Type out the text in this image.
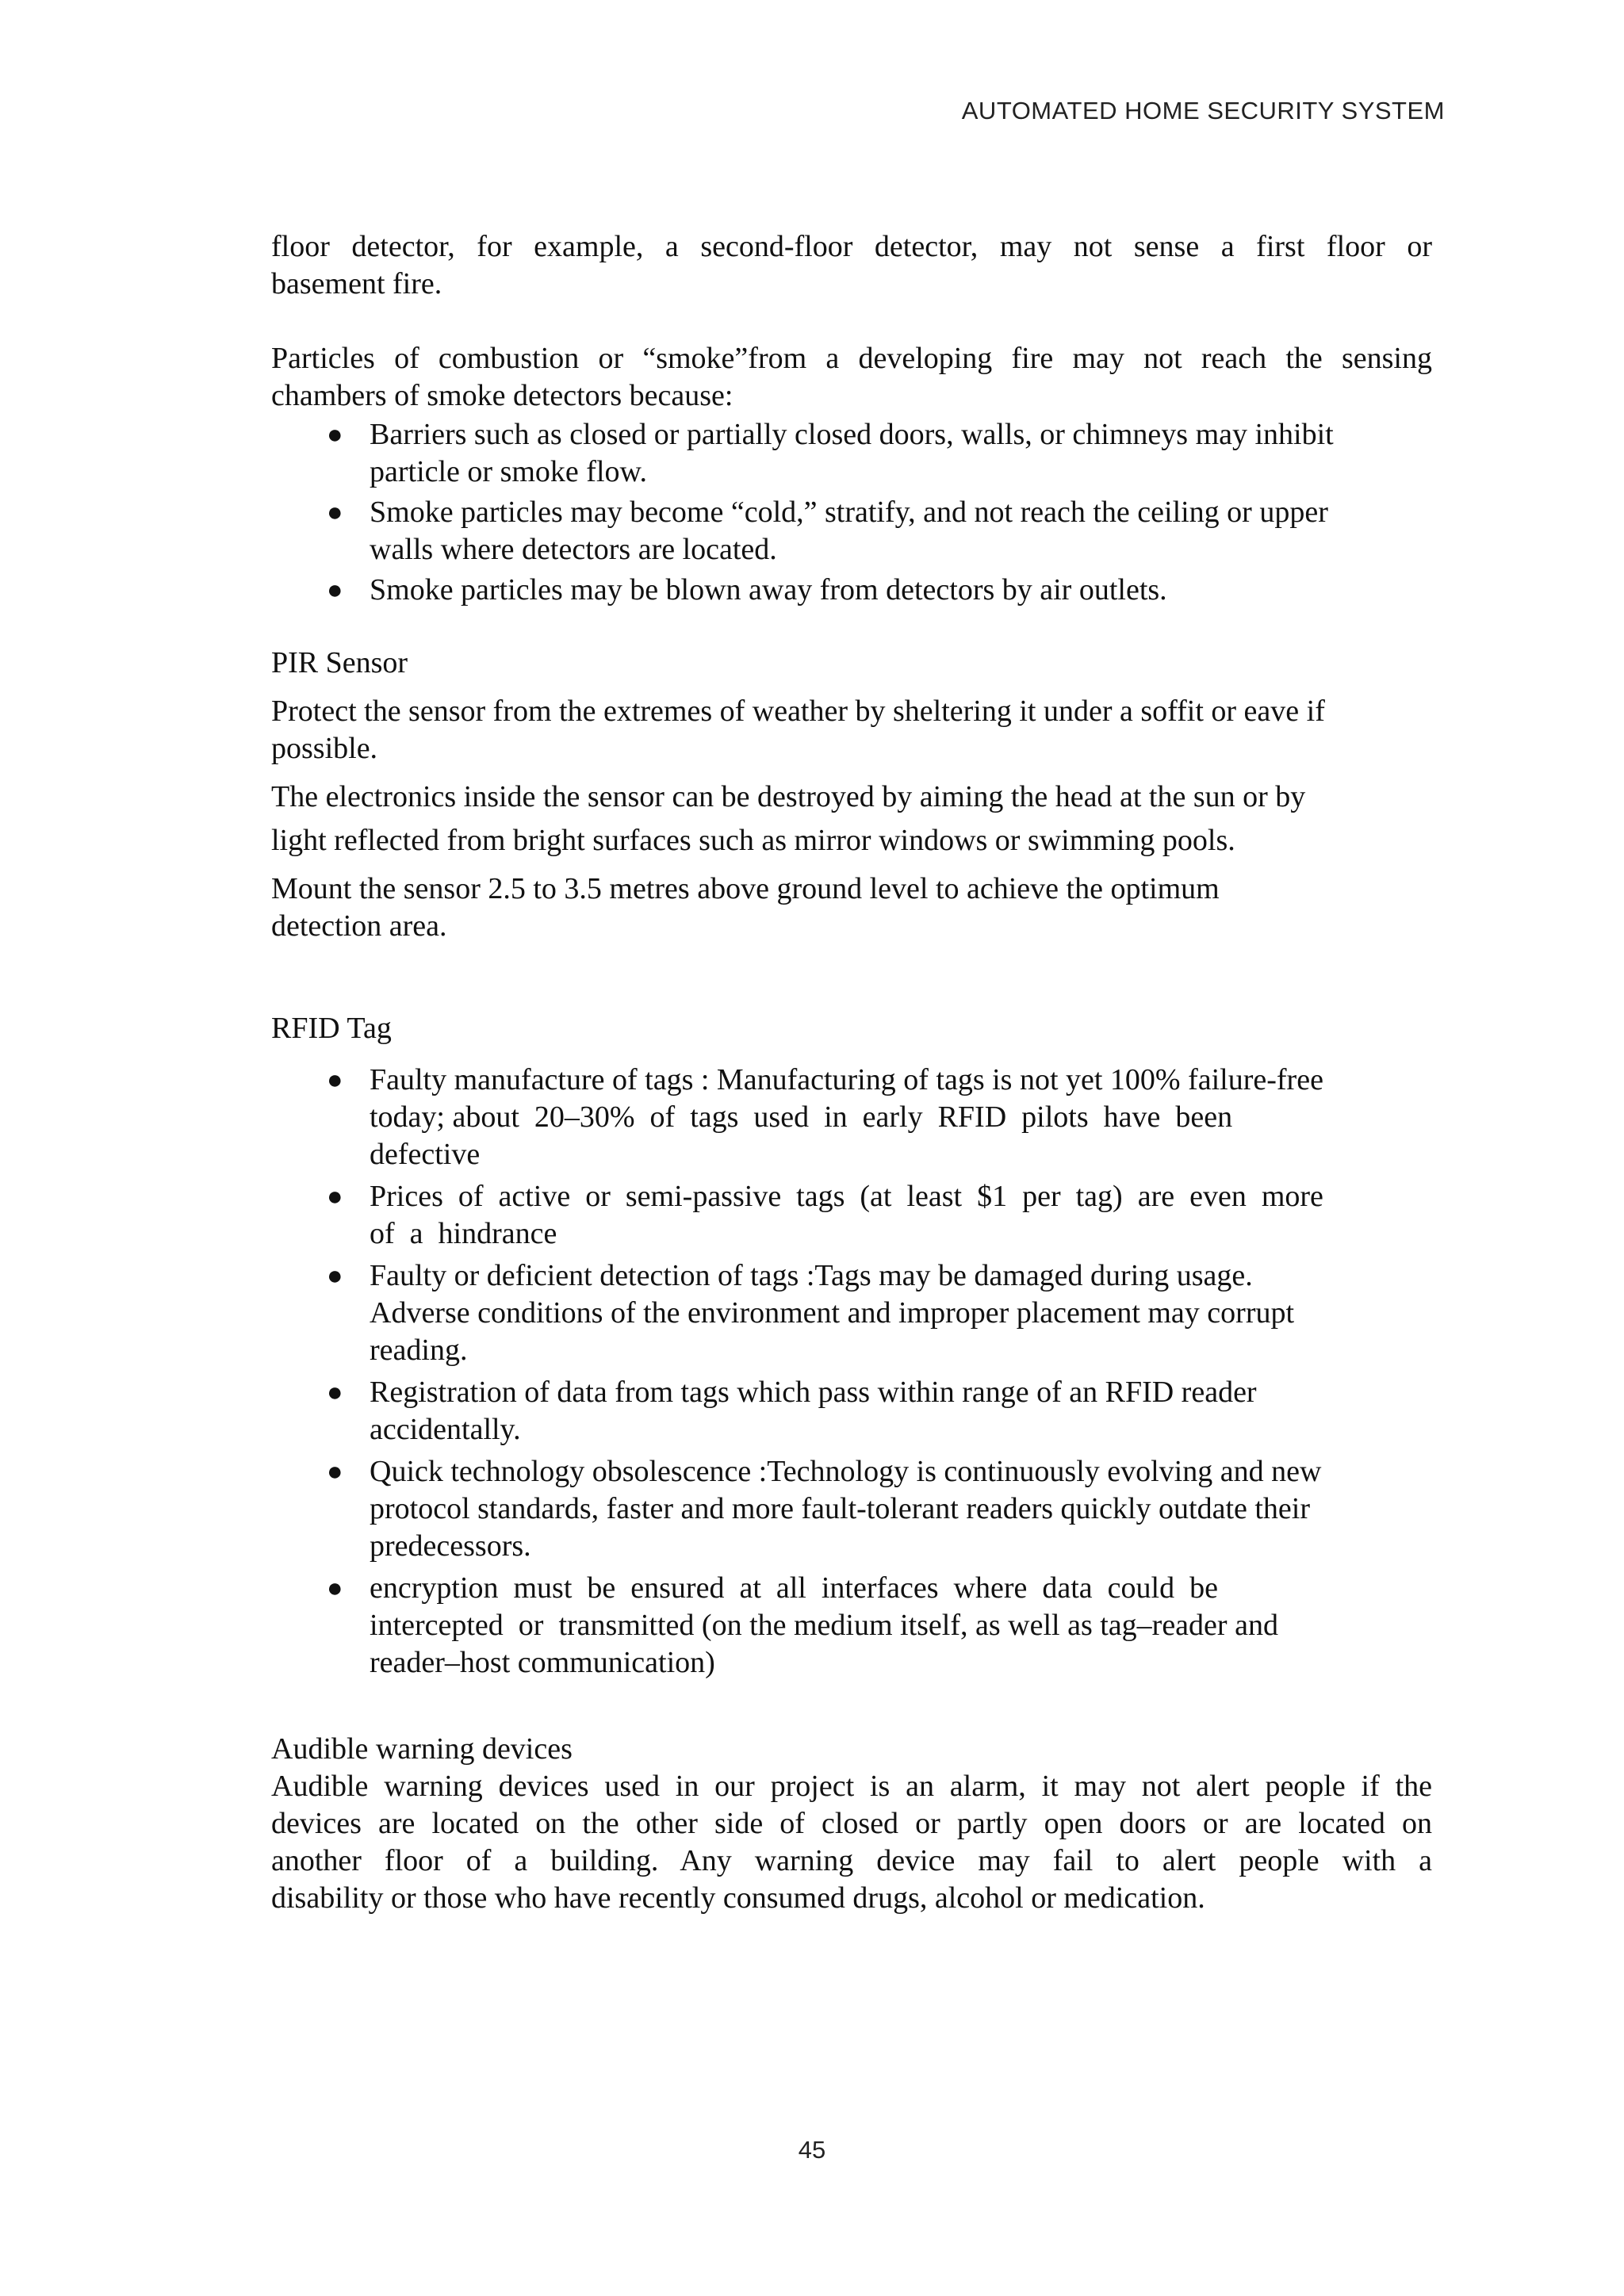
AUTOMATED HOME SECURITY SYSTEM

floor detector, for example, a second-floor detector, may not sense a first floor or

basement fire.

Particles of combustion or “smoke”from a developing fire may not reach the sensing

chambers of smoke detectors because:

● Barriers such as closed or partially closed doors, walls, or chimneys may inhibit

particle or smoke flow.

● Smoke particles may become “cold,” stratify, and not reach the ceiling or upper

walls where detectors are located.

● Smoke particles may be blown away from detectors by air outlets.

PIR Sensor

Protect the sensor from the extremes of weather by sheltering it under a soffit or eave if

possible.

The electronics inside the sensor can be destroyed by aiming the head at the sun or by

light reflected from bright surfaces such as mirror windows or swimming pools.

Mount the sensor 2.5 to 3.5 metres above ground level to achieve the optimum

detection area.

RFID Tag

● Faulty manufacture of tags : Manufacturing of tags is not yet 100% failure-free

today; about  20–30%  of  tags  used  in  early  RFID  pilots  have  been

defective

● Prices  of  active  or  semi-passive  tags  (at  least  $1  per  tag)  are  even  more

of  a  hindrance

● Faulty or deficient detection of tags :Tags may be damaged during usage.

Adverse conditions of the environment and improper placement may corrupt

reading.

● Registration of data from tags which pass within range of an RFID reader

accidentally.

● Quick technology obsolescence :Technology is continuously evolving and new

protocol standards, faster and more fault-tolerant readers quickly outdate their

predecessors.

● encryption  must  be  ensured  at  all  interfaces  where  data  could  be

intercepted  or  transmitted (on the medium itself, as well as tag–reader and

reader–host communication)

Audible warning devices

Audible warning devices used in our project is an alarm, it may not alert people if the

devices are located on the other side of closed or partly open doors or are located on

another floor of a building. Any warning device may fail to alert people with a

disability or those who have recently consumed drugs, alcohol or medication.

45
